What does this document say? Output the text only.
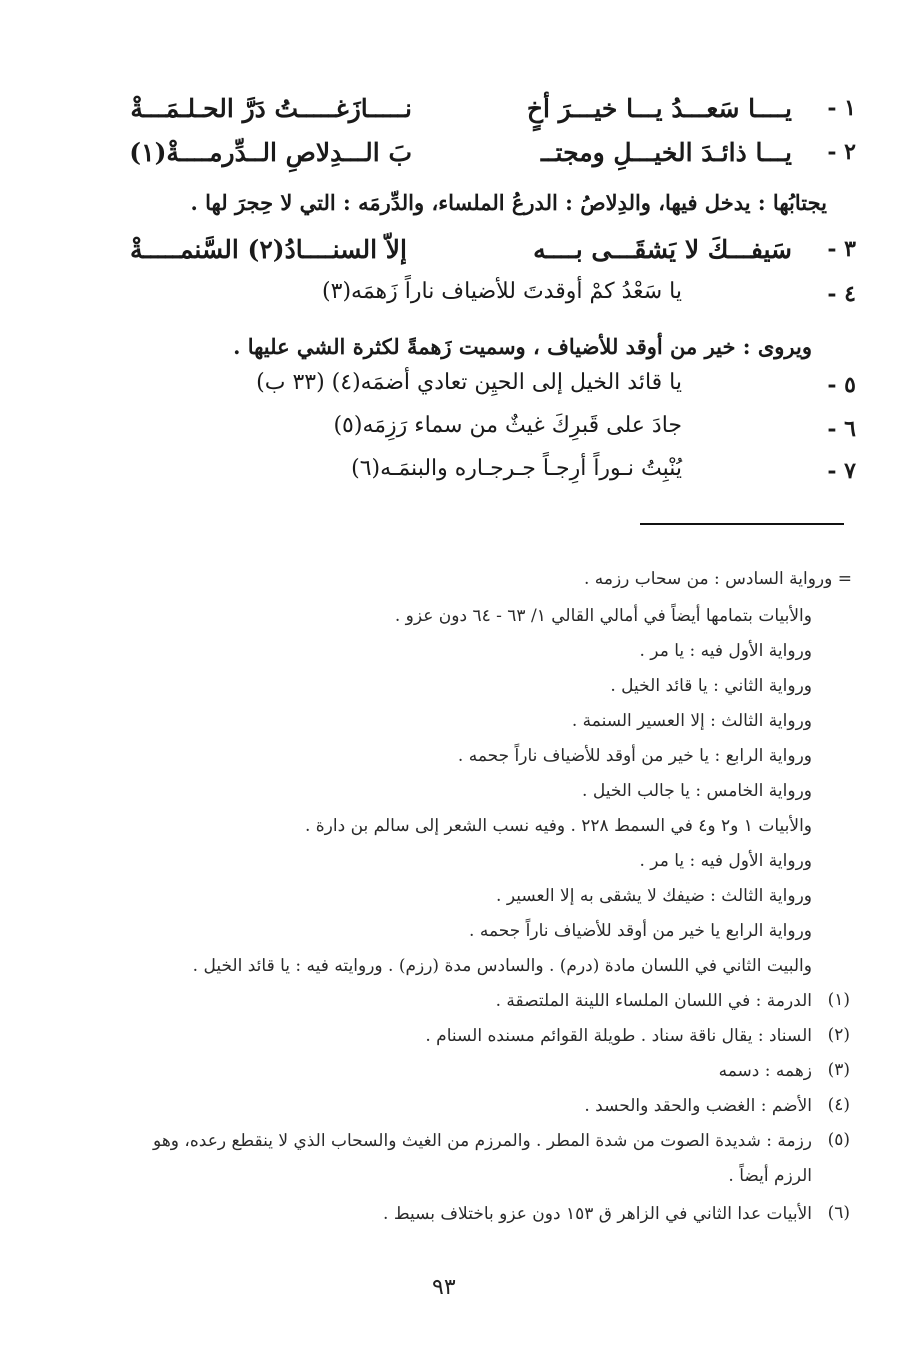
١ -
يــــا سَعـــدُ يـــا خيـــرَ أخٍ
نـــــازَغـــــتُ دَرَّ الحـلـمَـــةْ
٢ -
يـــا ذائـدَ الخيـــلِ ومجتــ
بَ الـــدِلاصِ الــدِّرمــــةْ(١)
يجتابُها : يدخل فيها، والدِلاصُ : الدرعُ الملساء، والدِّرمَه : التي لا حِجرَ لها .
٣ -
سَيفـــكَ لا يَشقَـــى بــــه
إلاّ السنــــادُ(٢) السَّنمـــــةْ
٤ -
يا سَعْدُ كمْ أوقدتَ للأضياف ناراً زَهمَه(٣)
ويروى : خير من أوقد للأضياف ، وسميت زَهمةً لكثرة الشي عليها .
٥ -
يا قائد الخيل إلى الحيِن تعادي أضمَه(٤) (٣٣ ب)
٦ -
جادَ على قَبرِكَ غيثٌ من سماء رَزِمَه(٥)
٧ -
يُنْبِتُ نـوراً أرِجـاً جـرجـاره والبنمَـه(٦)
= ورواية السادس : من سحاب رزمه .
والأبيات بتمامها أيضاً في أمالي القالي ١/ ٦٣ - ٦٤ دون عزو .
ورواية الأول فيه : يا مر .
ورواية الثاني : يا قائد الخيل .
ورواية الثالث : إلا العسير السنمة .
ورواية الرابع : يا خير من أوقد للأضياف ناراً جحمه .
ورواية الخامس : يا جالب الخيل .
والأبيات ١ و٢ و٤ في السمط ٢٢٨ . وفيه نسب الشعر إلى سالم بن دارة .
ورواية الأول فيه : يا مر .
ورواية الثالث : ضيفك لا يشقى به إلا العسير .
ورواية الرابع يا خير من أوقد للأضياف ناراً جحمه .
والبيت الثاني في اللسان مادة (درم) . والسادس مدة (رزم) . وروايته فيه : يا قائد الخيل .
(١)
الدرمة : في اللسان الملساء اللينة الملتصقة .
(٢)
السناد : يقال ناقة سناد . طويلة القوائم مسنده السنام .
(٣)
زهمه : دسمه
(٤)
الأضم : الغضب والحقد والحسد .
(٥)
رزمة : شديدة الصوت من شدة المطر . والمرزم من الغيث والسحاب الذي لا ينقطع رعده، وهو
الرزم أيضاً .
(٦)
الأبيات عدا الثاني في الزاهر ق ١٥٣ دون عزو باختلاف بسيط .
٩٣
